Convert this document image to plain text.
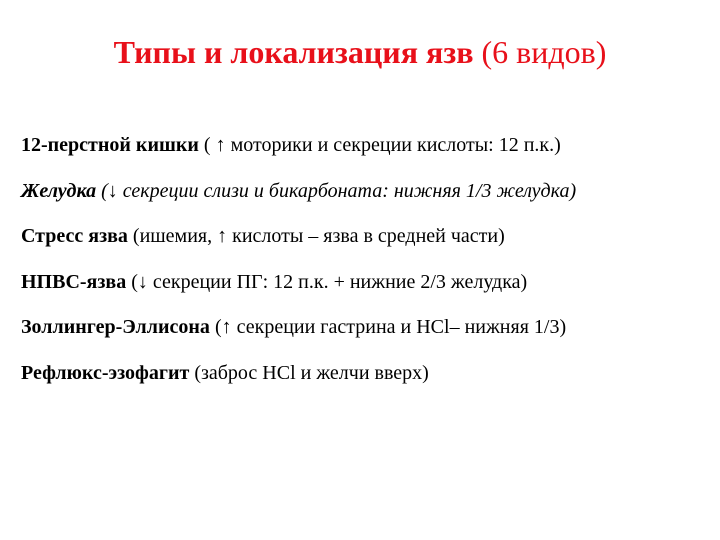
Типы и локализация язв (6 видов)
12-перстной кишки ( ↑ моторики и секреции кислоты: 12 п.к.)
Желудка (↓ секреции слизи и бикарбоната: нижняя 1/3 желудка)
Стресс язва (ишемия, ↑ кислоты – язва в средней части)
НПВС-язва (↓ секреции ПГ: 12 п.к. + нижние 2/3 желудка)
Золлингер-Эллисона (↑ секреции гастрина и HCl– нижняя 1/3)
Рефлюкс-эзофагит (заброс HCl и желчи вверх)
